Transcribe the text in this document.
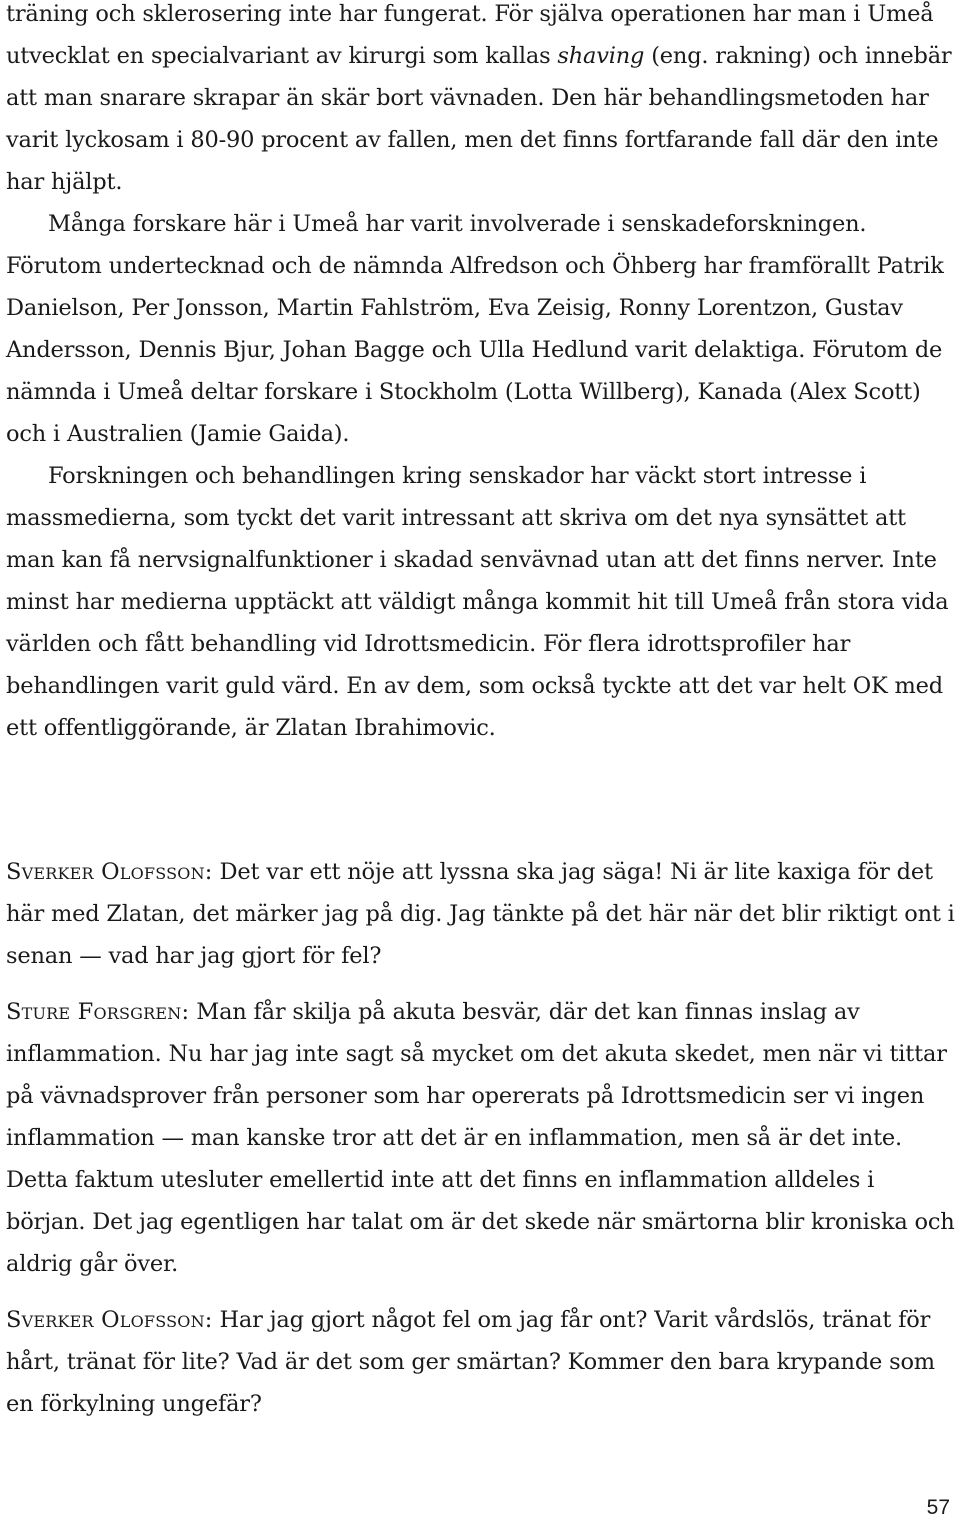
träning och sklerosering inte har fungerat. För själva operationen har man i Umeå utvecklat en specialvariant av kirurgi som kallas shaving (eng. rakning) och innebär att man snarare skrapar än skär bort vävnaden. Den här behandlingsmetoden har varit lyckosam i 80-90 procent av fallen, men det finns fortfarande fall där den inte har hjälpt.

Många forskare här i Umeå har varit involverade i senskadeforskningen. Förutom undertecknad och de nämnda Alfredson och Öhberg har framförallt Patrik Danielson, Per Jonsson, Martin Fahlström, Eva Zeisig, Ronny Lorentzon, Gustav Andersson, Dennis Bjur, Johan Bagge och Ulla Hedlund varit delaktiga. Förutom de nämnda i Umeå deltar forskare i Stockholm (Lotta Willberg), Kanada (Alex Scott) och i Australien (Jamie Gaida).

Forskningen och behandlingen kring senskador har väckt stort intresse i massmedierna, som tyckt det varit intressant att skriva om det nya synsättet att man kan få nervsignalfunktioner i skadad senvävnad utan att det finns nerver. Inte minst har medierna upptäckt att väldigt många kommit hit till Umeå från stora vida världen och fått behandling vid Idrottsmedicin. För flera idrottsprofiler har behandlingen varit guld värd. En av dem, som också tyckte att det var helt OK med ett offentliggörande, är Zlatan Ibrahimovic.

Sverker Olofsson: Det var ett nöje att lyssna ska jag säga! Ni är lite kaxiga för det här med Zlatan, det märker jag på dig. Jag tänkte på det här när det blir riktigt ont i senan — vad har jag gjort för fel?

Sture Forsgren: Man får skilja på akuta besvär, där det kan finnas inslag av inflammation. Nu har jag inte sagt så mycket om det akuta skedet, men när vi tittar på vävnadsprover från personer som har opererats på Idrottsmedicin ser vi ingen inflammation — man kanske tror att det är en inflammation, men så är det inte. Detta faktum utesluter emellertid inte att det finns en inflammation alldeles i början. Det jag egentligen har talat om är det skede när smärtorna blir kroniska och aldrig går över.

Sverker Olofsson: Har jag gjort något fel om jag får ont? Varit vårdslös, tränat för hårt, tränat för lite? Vad är det som ger smärtan? Kommer den bara krypande som en förkylning ungefär?

57
